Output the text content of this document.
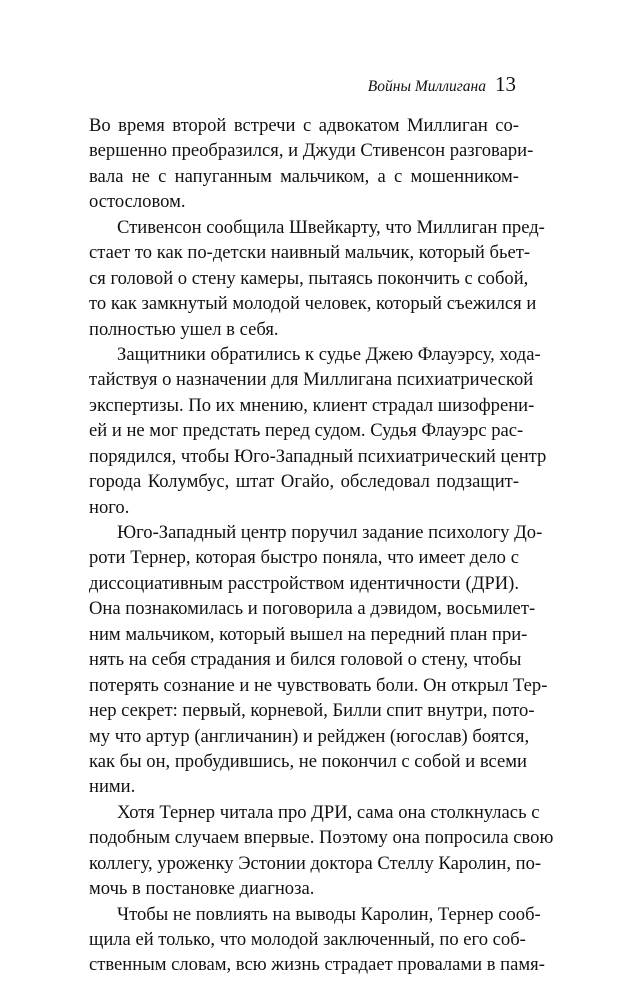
Войны Миллигана 13
Во время второй встречи с адвокатом Миллиган со-
вершенно преобразился, и Джуди Стивенсон разговари-
вала не с напуганным мальчиком, а с мошенником-
остословом.
Стивенсон сообщила Швейкарту, что Миллиган пред-
стает то как по-детски наивный мальчик, который бьет-
ся головой о стену камеры, пытаясь покончить с собой,
то как замкнутый молодой человек, который съежился и
полностью ушел в себя.
Защитники обратились к судье Джею Флауэрсу, хода-
тайствуя о назначении для Миллигана психиатрической
экспертизы. По их мнению, клиент страдал шизофрени-
ей и не мог предстать перед судом. Судья Флауэрс рас-
порядился, чтобы Юго-Западный психиатрический центр
города Колумбус, штат Огайо, обследовал подзащит-
ного.
Юго-Западный центр поручил задание психологу До-
роти Тернер, которая быстро поняла, что имеет дело с
диссоциативным расстройством идентичности (ДРИ).
Она познакомилась и поговорила а дэвидом, восьмилет-
ним мальчиком, который вышел на передний план при-
нять на себя страдания и бился головой о стену, чтобы
потерять сознание и не чувствовать боли. Он открыл Тер-
нер секрет: первый, корневой, Билли спит внутри, пото-
му что артур (англичанин) и рейджен (югослав) боятся,
как бы он, пробудившись, не покончил с собой и всеми
ними.
Хотя Тернер читала про ДРИ, сама она столкнулась с
подобным случаем впервые. Поэтому она попросила свою
коллегу, уроженку Эстонии доктора Стеллу Каролин, по-
мочь в постановке диагноза.
Чтобы не повлиять на выводы Каролин, Тернер сооб-
щила ей только, что молодой заключенный, по его соб-
ственным словам, всю жизнь страдает провалами в памя-
